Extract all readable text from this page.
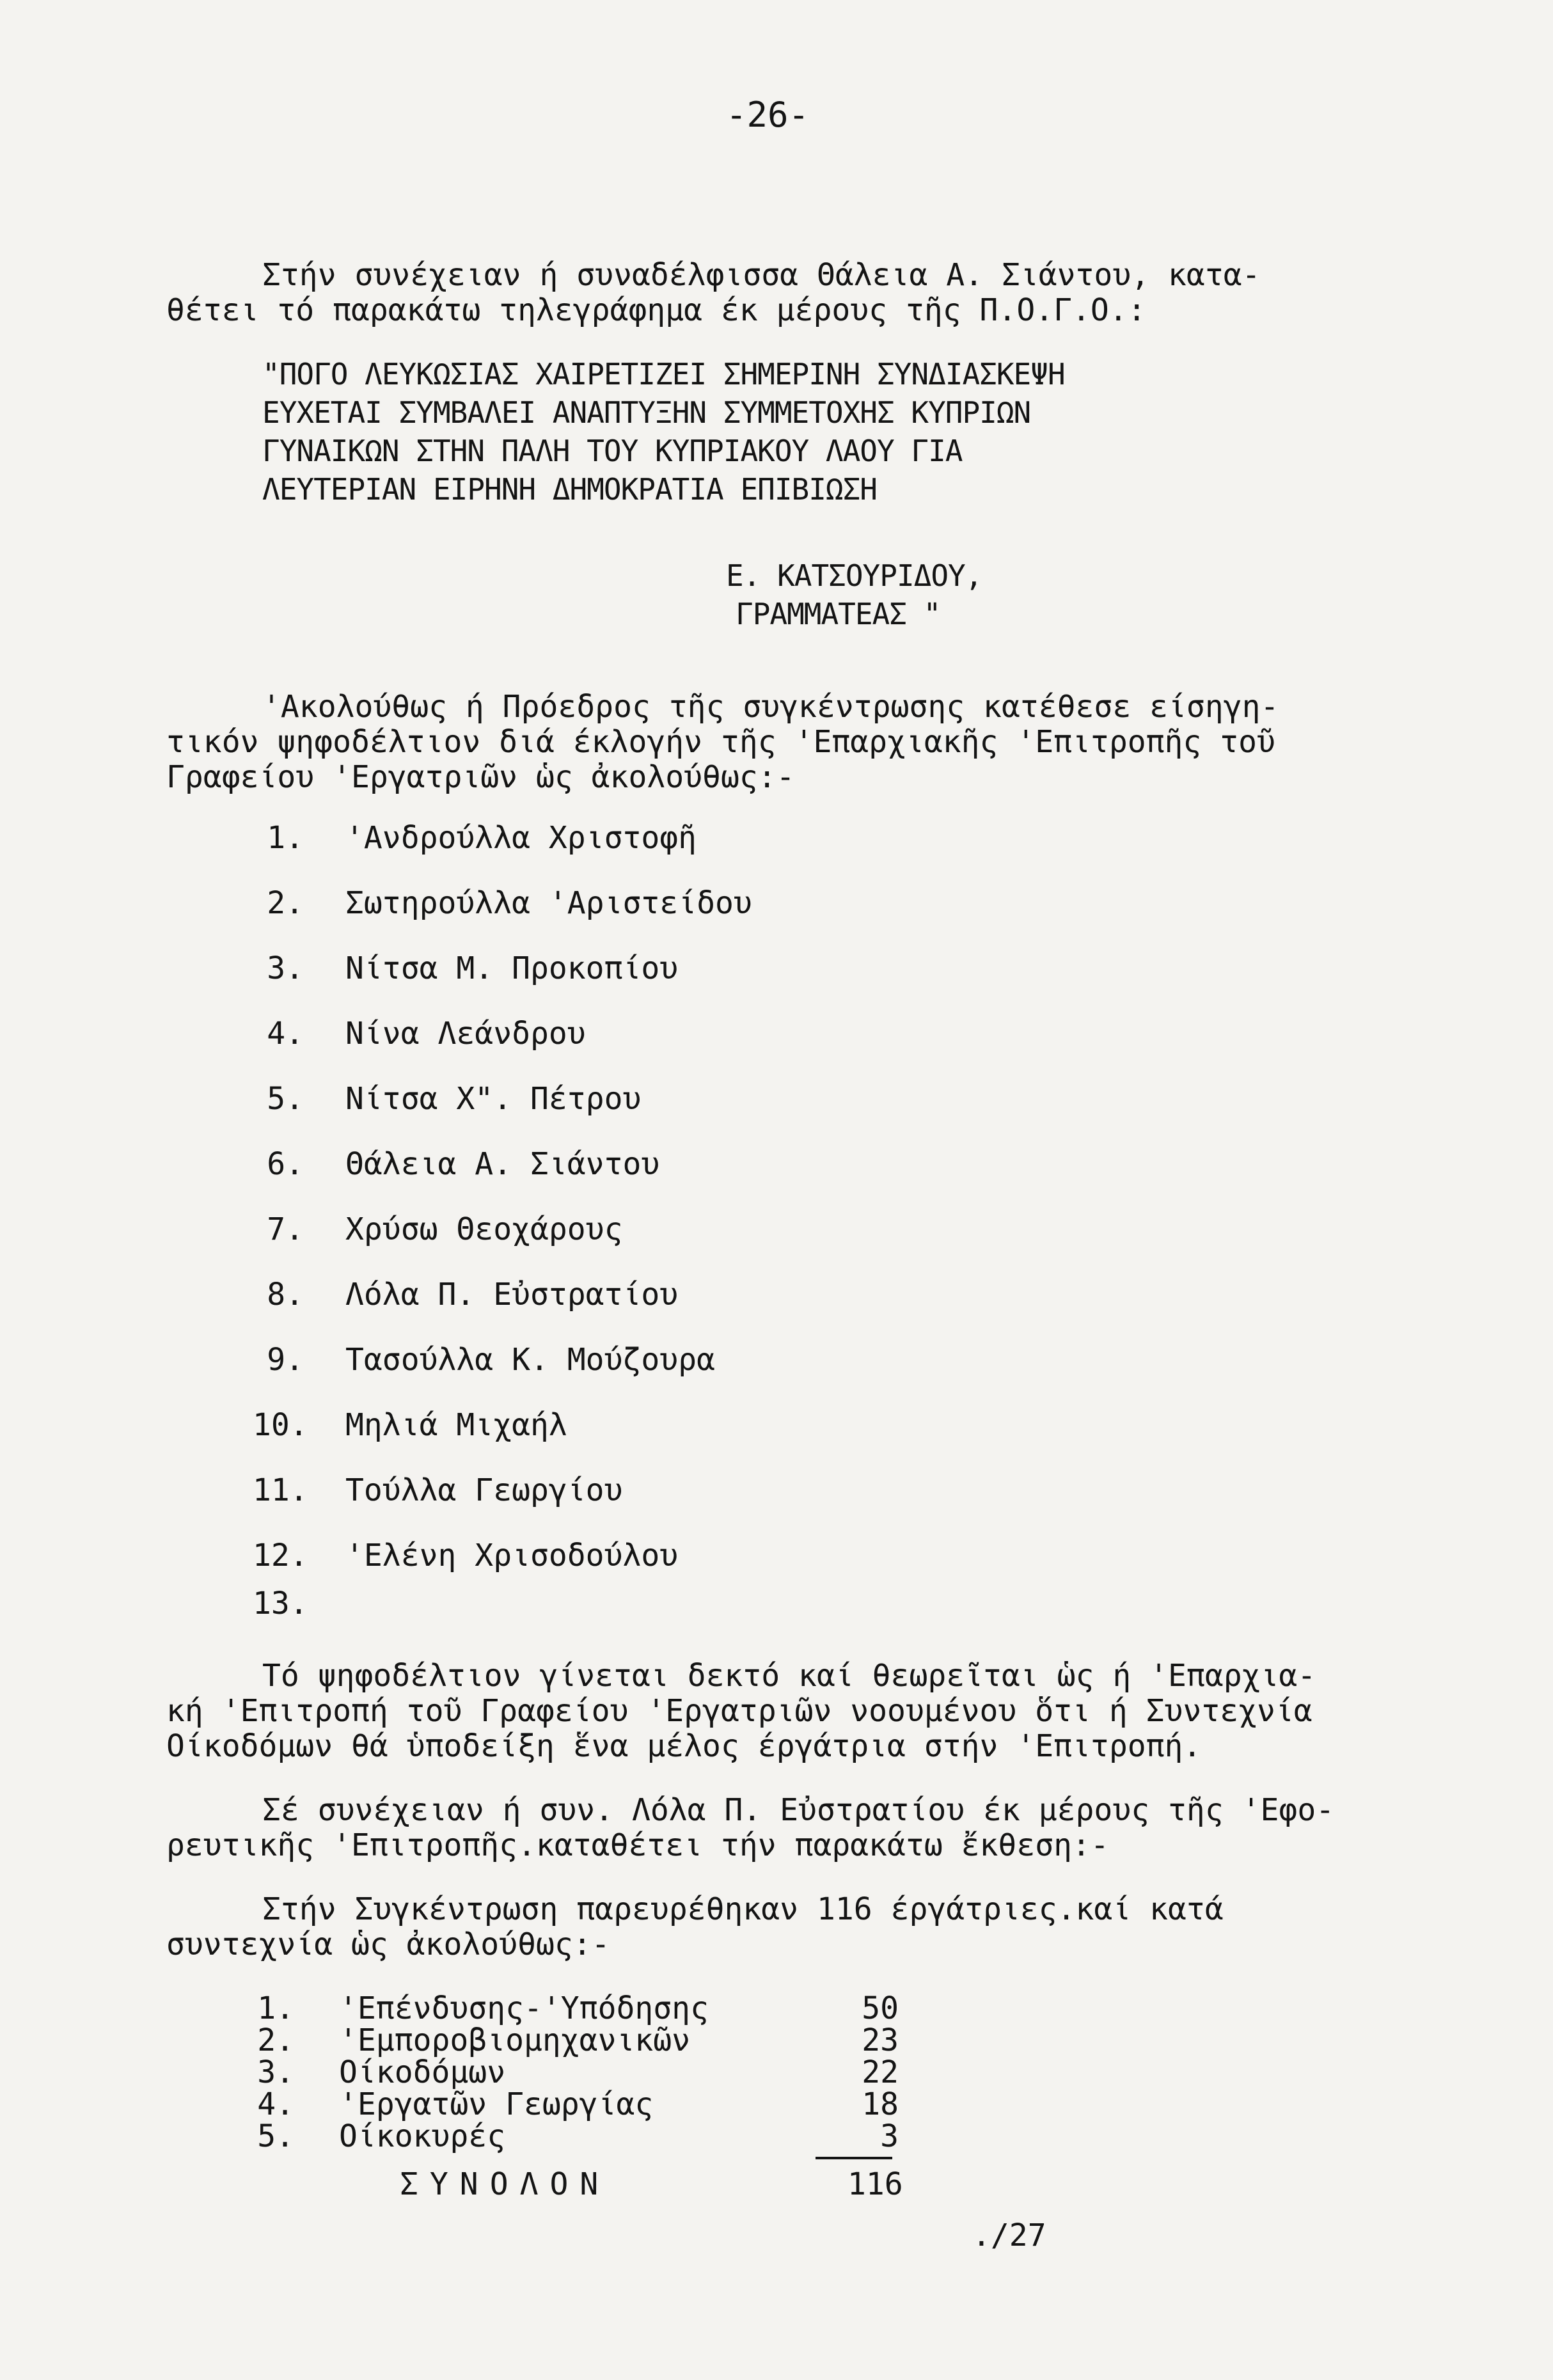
-26-
Στήν συνέχειαν ή συναδέλφισσα Θάλεια Α. Σιάντου, κατα-
θέτει τό παρακάτω τηλεγράφημα έκ μέρους τῆς Π.Ο.Γ.Ο.:
"ΠΟΓΟ ΛΕΥΚΩΣΙΑΣ ΧΑΙΡΕΤΙΖΕΙ ΣΗΜΕΡΙΝΗ ΣΥΝΔΙΑΣΚΕΨΗ
ΕΥΧΕΤΑΙ ΣΥΜΒΑΛΕΙ ΑΝΑΠΤΥΞΗΝ ΣΥΜΜΕΤΟΧΗΣ ΚΥΠΡΙΩΝ
ΓΥΝΑΙΚΩΝ ΣΤΗΝ ΠΑΛΗ ΤΟΥ ΚΥΠΡΙΑΚΟΥ ΛΑΟΥ ΓΙΑ
ΛΕΥΤΕΡΙΑΝ ΕΙΡΗΝΗ ΔΗΜΟΚΡΑΤΙΑ ΕΠΙΒΙΩΣΗ
Ε. ΚΑΤΣΟΥΡΙΔΟΥ,
ΓΡΑΜΜΑΤΕΑΣ "
'Ακολούθως ή Πρόεδρος τῆς συγκέντρωσης κατέθεσε είσηγη-
τικόν ψηφοδέλτιον διά έκλογήν τῆς 'Επαρχιακῆς 'Επιτροπῆς τοῦ
Γραφείου 'Εργατριῶν ὡς ἀκολούθως:-
1. 'Ανδρούλλα Χριστοφῆ
2. Σωτηρούλλα 'Αριστείδου
3. Νίτσα Μ. Προκοπίου
4. Νίνα Λεάνδρου
5. Νίτσα Χ". Πέτρου
6. Θάλεια Α. Σιάντου
7. Χρύσω Θεοχάρους
8. Λόλα Π. Εὐστρατίου
9. Τασούλλα Κ. Μούζουρα
10. Μηλιά Μιχαήλ
11. Τούλλα Γεωργίου
12. 'Ελένη Χρισοδούλου
13.
Τό ψηφοδέλτιον γίνεται δεκτό καί θεωρεῖται ὡς ή 'Επαρχια-
κή 'Επιτροπή τοῦ Γραφείου 'Εργατριῶν νοουμένου ὅτι ή Συντεχνία
Οίκοδόμων θά ὑποδείξη ἕνα μέλος έργάτρια στήν 'Επιτροπή.
Σέ συνέχειαν ή συν. Λόλα Π. Εὐστρατίου έκ μέρους τῆς 'Εφο-
ρευτικῆς 'Επιτροπῆς.καταθέτει τήν παρακάτω ἔκθεση:-
Στήν Συγκέντρωση παρευρέθηκαν 116 έργάτριες.καί κατά
συντεχνία ὡς ἀκολούθως:-
1. 'Επένδυσης-'Υπόδησης	50
2. 'Εμποροβιομηχανικῶν	23
3. Οίκοδόμων	22
4. 'Εργατῶν Γεωργίας	18
5. Οίκοκυρές	3
ΣΥΝΟΛΟΝ	116
./27
